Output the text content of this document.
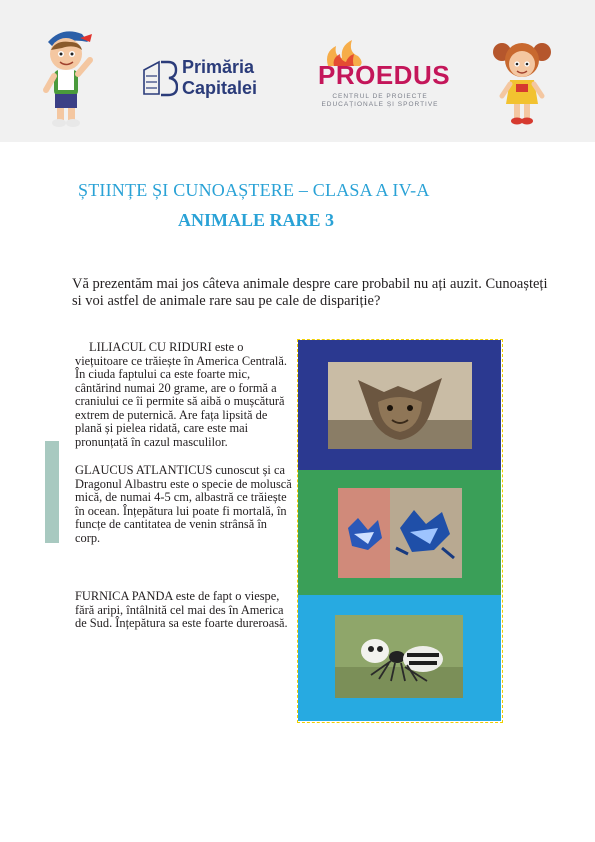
Primăria
Capitalei PROEDUS
CENTRUL DE PROIECTE
EDUCAȚIONALE ȘI SPORTIVE
ȘTIINȚE ȘI CUNOAȘTERE – CLASA A IV-A
ANIMALE RARE 3

Vă prezentăm mai jos câteva animale despre care probabil nu ați auzit. Cunoașteți si voi astfel de animale rare sau pe cale de dispariție?

LILIACUL CU RIDURI este o viețuitoare ce trăiește în America Centrală. În ciuda faptului ca este foarte mic, cântărind numai 20 grame, are o formă a craniului ce îi permite să aibă o mușcătură extrem de puternică. Are fața lipsită de plană și pielea ridată, care este mai pronunțată în cazul masculilor.

GLAUCUS ATLANTICUS cunoscut și ca Dragonul Albastru este o specie de moluscă mică, de numai 4-5 cm, albastră ce trăiește în ocean. Înțepătura lui poate fi mortală, în funcțe de cantitatea de venin strânsă în corp.

FURNICA PANDA este de fapt o viespe, fără aripi, întâlnită cel mai des în America de Sud. Înțepătura sa este foarte dureroasă.
